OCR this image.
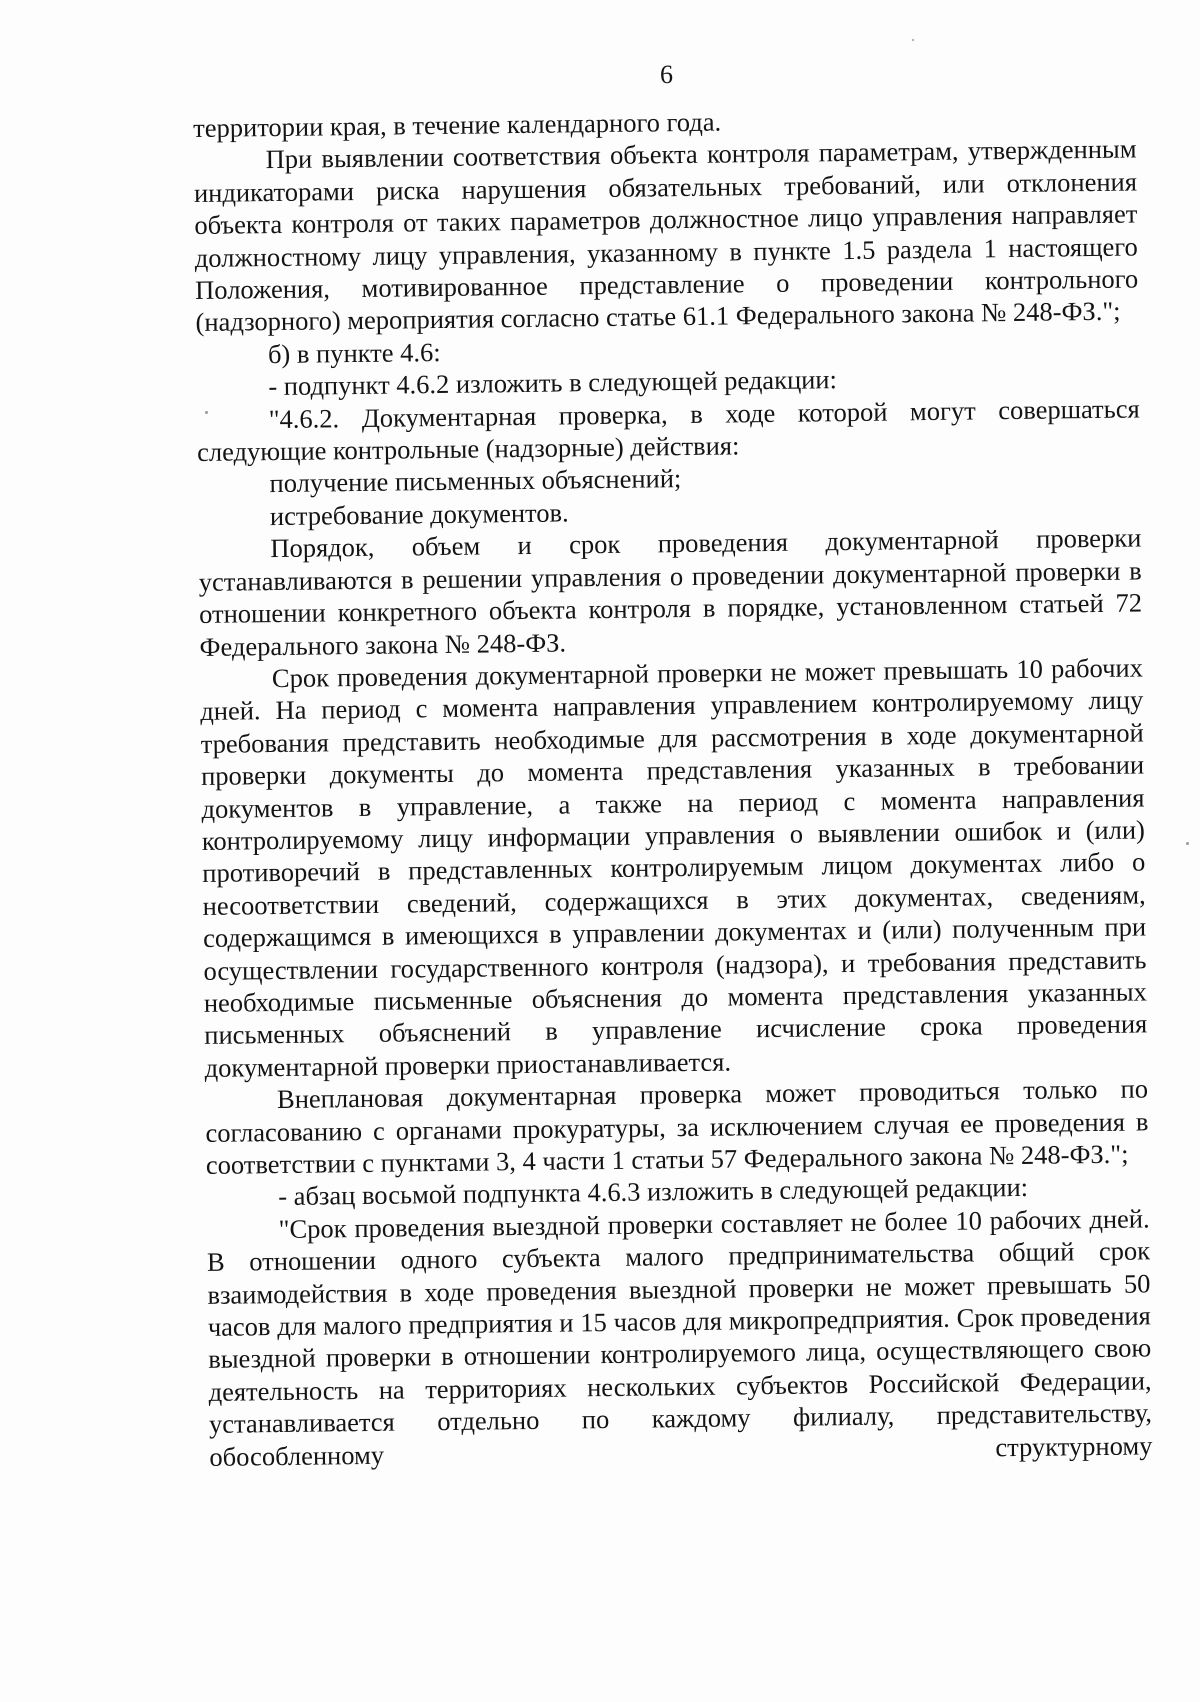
6

территории края, в течение календарного года.

При выявлении соответствия объекта контроля параметрам, утвержденным индикаторами риска нарушения обязательных требований, или отклонения объекта контроля от таких параметров должностное лицо управления направляет должностному лицу управления, указанному в пункте 1.5 раздела 1 настоящего Положения, мотивированное представление о проведении контрольного (надзорного) мероприятия согласно статье 61.1 Федерального закона № 248-ФЗ.";

б) в пункте 4.6:

- подпункт 4.6.2 изложить в следующей редакции:

"4.6.2. Документарная проверка, в ходе которой могут совершаться следующие контрольные (надзорные) действия:

получение письменных объяснений;

истребование документов.

Порядок, объем и срок проведения документарной проверки устанавливаются в решении управления о проведении документарной проверки в отношении конкретного объекта контроля в порядке, установленном статьей 72 Федерального закона № 248-ФЗ.

Срок проведения документарной проверки не может превышать 10 рабочих дней. На период с момента направления управлением контролируемому лицу требования представить необходимые для рассмотрения в ходе документарной проверки документы до момента представления указанных в требовании документов в управление, а также на период с момента направления контролируемому лицу информации управления о выявлении ошибок и (или) противоречий в представленных контролируемым лицом документах либо о несоответствии сведений, содержащихся в этих документах, сведениям, содержащимся в имеющихся в управлении документах и (или) полученным при осуществлении государственного контроля (надзора), и требования представить необходимые письменные объяснения до момента представления указанных письменных объяснений в управление исчисление срока проведения документарной проверки приостанавливается.

Внеплановая документарная проверка может проводиться только по согласованию с органами прокуратуры, за исключением случая ее проведения в соответствии с пунктами 3, 4 части 1 статьи 57 Федерального закона № 248-ФЗ.";

- абзац восьмой подпункта 4.6.3 изложить в следующей редакции:

"Срок проведения выездной проверки составляет не более 10 рабочих дней. В отношении одного субъекта малого предпринимательства общий срок взаимодействия в ходе проведения выездной проверки не может превышать 50 часов для малого предприятия и 15 часов для микропредприятия. Срок проведения выездной проверки в отношении контролируемого лица, осуществляющего свою деятельность на территориях нескольких субъектов Российской Федерации, устанавливается отдельно по каждому филиалу, представительству, обособленному структурному
